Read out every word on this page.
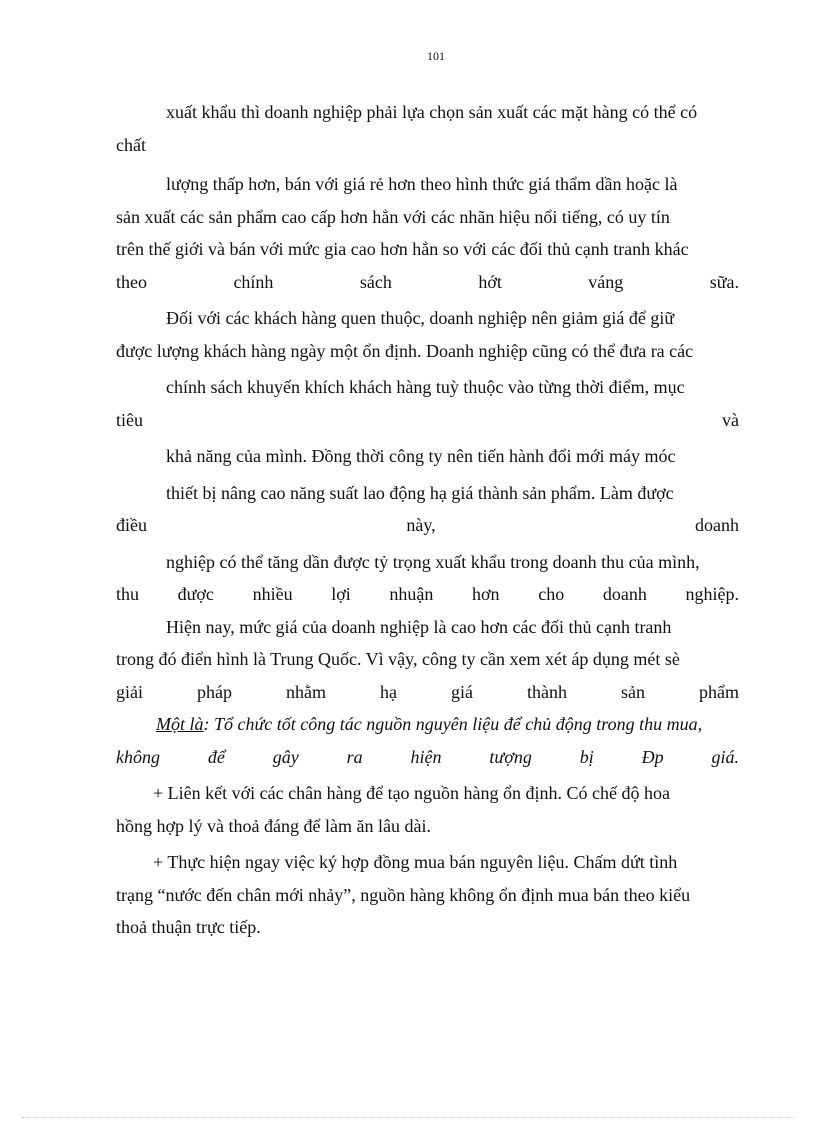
101
xuất khẩu thì doanh nghiệp phải lựa chọn sản xuất các mặt hàng có thể có
chất
lượng thấp hơn, bán với giá rẻ hơn theo hình thức giá thẩm dần hoặc là
sản xuất các sản phẩm cao cấp hơn hẳn với các nhãn hiệu nổi tiếng, có uy tín
trên thế giới và bán với mức gia cao hơn hẳn so với các đối thủ cạnh tranh khác
theo chính sách hớt váng sữa.
Đối với các khách hàng quen thuộc, doanh nghiệp nên giảm giá để giữ
được lượng khách hàng ngày một ổn định. Doanh nghiệp cũng có thể đưa ra các
chính sách khuyến khích khách hàng tuỳ thuộc vào từng thời điểm, mục
tiêu và
khả năng của mình. Đồng thời công ty nên tiến hành đổi mới máy móc
thiết bị nâng cao năng suất lao động hạ giá thành sản phẩm. Làm được
điều này, doanh
nghiệp có thể tăng dần được tỷ trọng xuất khẩu trong doanh thu của mình,
thu được nhiều lợi nhuận hơn cho doanh nghiệp.
Hiện nay, mức giá của doanh nghiệp là cao hơn các đối thủ cạnh tranh
trong đó điển hình là Trung Quốc. Vì vậy, công ty cần xem xét áp dụng mét sè
giải pháp nhằm hạ giá thành sản phẩm
Một là: Tổ chức tốt công tác nguồn nguyên liệu để chủ động trong thu mua,
không để gây ra hiện tượng bị Ðp giá.
+ Liên kết với các chân hàng để tạo nguồn hàng ổn định. Có chế độ hoa
hồng hợp lý và thoả đáng để làm ăn lâu dài.
+ Thực hiện ngay việc ký hợp đồng mua bán nguyên liệu. Chấm dứt tình
trạng “nước đến chân mới nhảy”, nguồn hàng không ổn định mua bán theo kiểu
thoả thuận trực tiếp.
